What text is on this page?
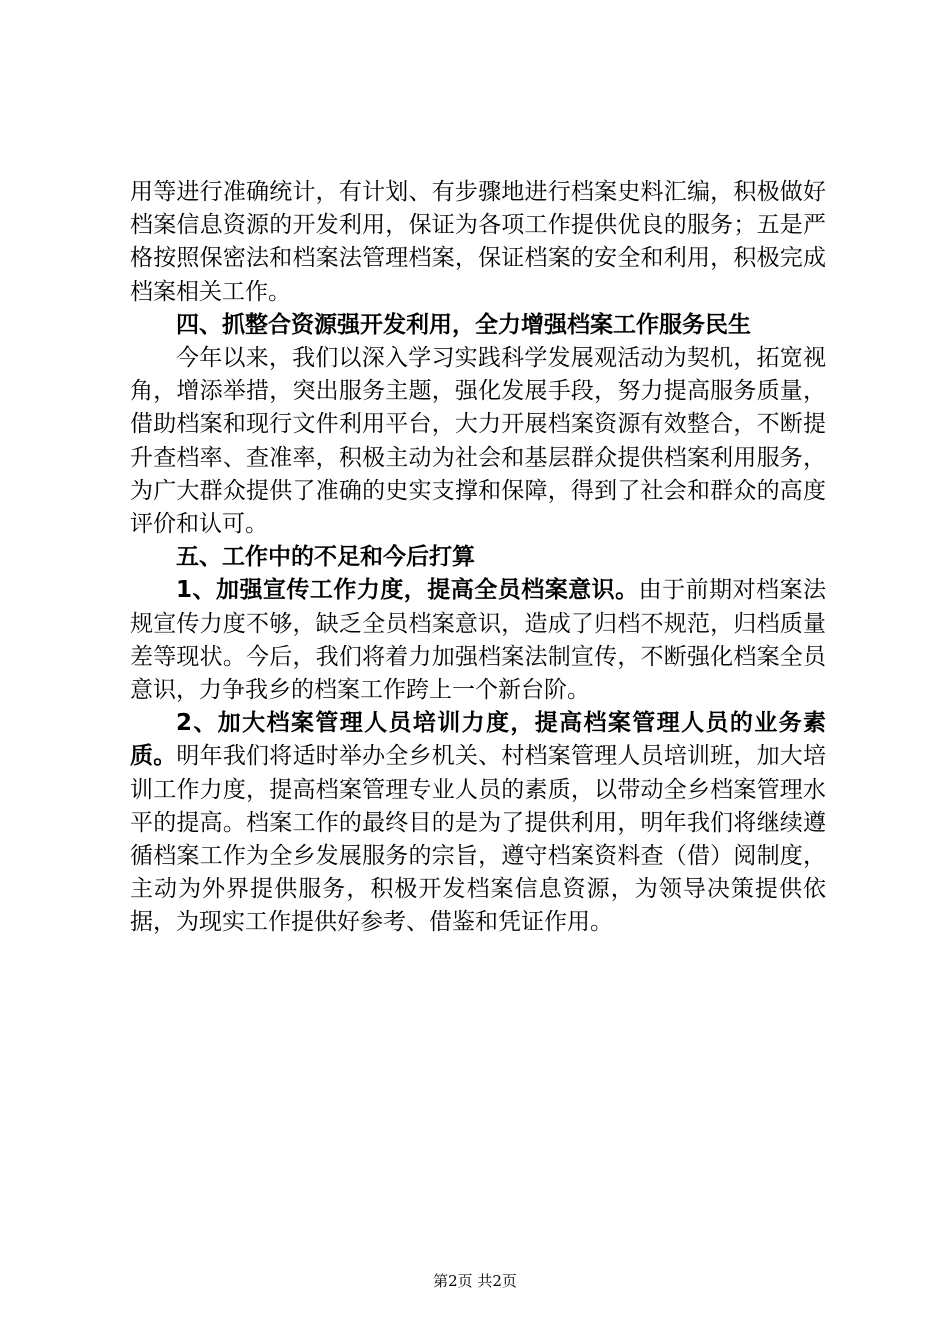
用等进行准确统计，有计划、有步骤地进行档案史料汇编，积极做好档案信息资源的开发利用，保证为各项工作提供优良的服务；五是严格按照保密法和档案法管理档案，保证档案的安全和利用，积极完成档案相关工作。

四、抓整合资源强开发利用，全力增强档案工作服务民生

今年以来，我们以深入学习实践科学发展观活动为契机，拓宽视角，增添举措，突出服务主题，强化发展手段，努力提高服务质量，借助档案和现行文件利用平台，大力开展档案资源有效整合，不断提升查档率、查准率，积极主动为社会和基层群众提供档案利用服务，为广大群众提供了准确的史实支撑和保障，得到了社会和群众的高度评价和认可。

五、工作中的不足和今后打算

1、加强宣传工作力度，提高全员档案意识。由于前期对档案法规宣传力度不够，缺乏全员档案意识，造成了归档不规范，归档质量差等现状。今后，我们将着力加强档案法制宣传，不断强化档案全员意识，力争我乡的档案工作跨上一个新台阶。

2、加大档案管理人员培训力度，提高档案管理人员的业务素质。明年我们将适时举办全乡机关、村档案管理人员培训班，加大培训工作力度，提高档案管理专业人员的素质，以带动全乡档案管理水平的提高。档案工作的最终目的是为了提供利用，明年我们将继续遵循档案工作为全乡发展服务的宗旨，遵守档案资料查（借）阅制度，主动为外界提供服务，积极开发档案信息资源，为领导决策提供依据，为现实工作提供好参考、借鉴和凭证作用。

第2页 共2页
